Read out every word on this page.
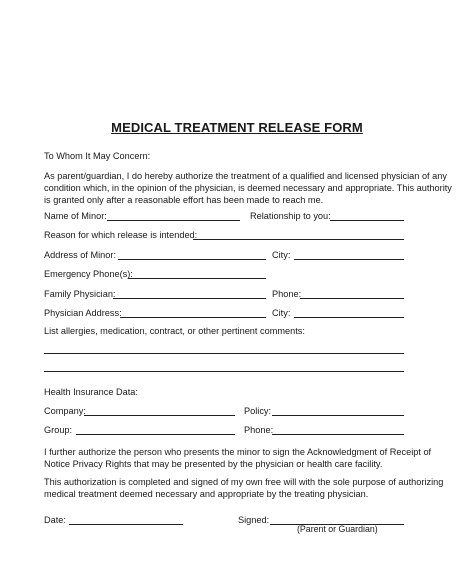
MEDICAL TREATMENT RELEASE FORM
To Whom It May Concern:
As parent/guardian, I do hereby authorize the treatment of a qualified and licensed physician of any
condition which, in the opinion of the physician, is deemed necessary and appropriate. This authority
is granted only after a reasonable effort has been made to reach me.
Name of Minor:	Relationship to you:
Reason for which release is intended:
Address of Minor:	City:
Emergency Phone(s):
Family Physician:	Phone:
Physician Address:	City:
List allergies, medication, contract, or other pertinent comments:
Health Insurance Data:
Company:	Policy:
Group:	Phone:
I further authorize the person who presents the minor to sign the Acknowledgment of Receipt of
Notice Privacy Rights that may be presented by the physician or health care facility.
This authorization is completed and signed of my own free will with the sole purpose of authorizing
medical treatment deemed necessary and appropriate by the treating physician.
Date:	Signed:
(Parent or Guardian)
